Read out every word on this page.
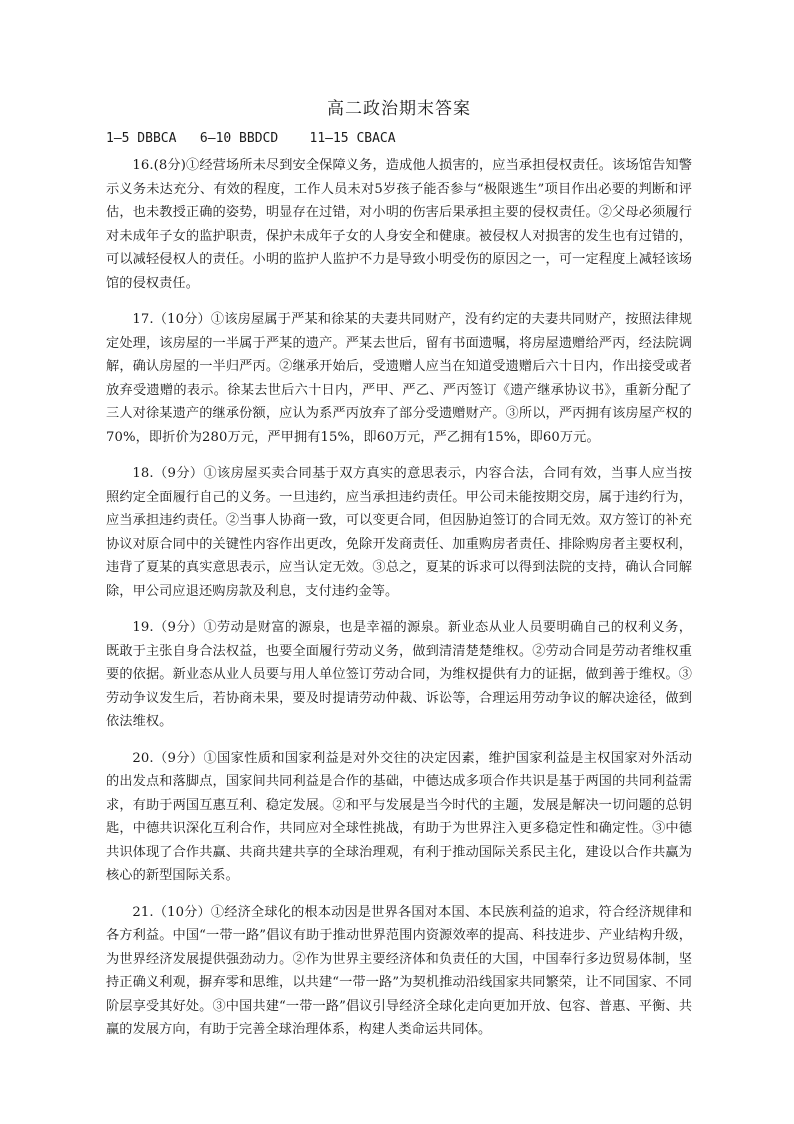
高二政治期末答案
1—5 DBBCA   6—10 BBDCD    11—15 CBACA

16.(8分)①经营场所未尽到安全保障义务，造成他人损害的，应当承担侵权责任。该场馆告知警示义务未达充分、有效的程度，工作人员未对5岁孩子能否参与“极限逃生”项目作出必要的判断和评估，也未教授正确的姿势，明显存在过错，对小明的伤害后果承担主要的侵权责任。②父母必须履行对未成年子女的监护职责，保护未成年子女的人身安全和健康。被侵权人对损害的发生也有过错的，可以减轻侵权人的责任。小明的监护人监护不力是导致小明受伤的原因之一，可一定程度上减轻该场馆的侵权责任。

17.（10分）①该房屋属于严某和徐某的夫妻共同财产，没有约定的夫妻共同财产，按照法律规定处理，该房屋的一半属于严某的遗产。严某去世后，留有书面遗嘱，将房屋遗赠给严丙，经法院调解，确认房屋的一半归严丙。②继承开始后，受遗赠人应当在知道受遗赠后六十日内，作出接受或者放弃受遗赠的表示。徐某去世后六十日内，严甲、严乙、严丙签订《遗产继承协议书》，重新分配了三人对徐某遗产的继承份额，应认为系严丙放弃了部分受遗赠财产。③所以，严丙拥有该房屋产权的70%，即折价为280万元，严甲拥有15%，即60万元，严乙拥有15%，即60万元。

18.（9分）①该房屋买卖合同基于双方真实的意思表示，内容合法，合同有效，当事人应当按照约定全面履行自己的义务。一旦违约，应当承担违约责任。甲公司未能按期交房，属于违约行为，应当承担违约责任。②当事人协商一致，可以变更合同，但因胁迫签订的合同无效。双方签订的补充协议对原合同中的关键性内容作出更改，免除开发商责任、加重购房者责任、排除购房者主要权利，违背了夏某的真实意思表示，应当认定无效。③总之，夏某的诉求可以得到法院的支持，确认合同解除，甲公司应退还购房款及利息，支付违约金等。

19.（9分）①劳动是财富的源泉，也是幸福的源泉。新业态从业人员要明确自己的权利义务，既敢于主张自身合法权益，也要全面履行劳动义务，做到清清楚楚维权。②劳动合同是劳动者维权重要的依据。新业态从业人员要与用人单位签订劳动合同，为维权提供有力的证据，做到善于维权。③劳动争议发生后，若协商未果，要及时提请劳动仲裁、诉讼等，合理运用劳动争议的解决途径，做到依法维权。

20.（9分）①国家性质和国家利益是对外交往的决定因素，维护国家利益是主权国家对外活动的出发点和落脚点，国家间共同利益是合作的基础，中德达成多项合作共识是基于两国的共同利益需求，有助于两国互惠互利、稳定发展。②和平与发展是当今时代的主题，发展是解决一切问题的总钥匙，中德共识深化互利合作，共同应对全球性挑战，有助于为世界注入更多稳定性和确定性。③中德共识体现了合作共赢、共商共建共享的全球治理观，有利于推动国际关系民主化，建设以合作共赢为核心的新型国际关系。

21.（10分）①经济全球化的根本动因是世界各国对本国、本民族利益的追求，符合经济规律和各方利益。中国“一带一路”倡议有助于推动世界范围内资源效率的提高、科技进步、产业结构升级，为世界经济发展提供强劲动力。②作为世界主要经济体和负责任的大国，中国奉行多边贸易体制，坚持正确义利观，摒弃零和思维，以共建“一带一路”为契机推动沿线国家共同繁荣，让不同国家、不同阶层享受其好处。③中国共建“一带一路”倡议引导经济全球化走向更加开放、包容、普惠、平衡、共赢的发展方向，有助于完善全球治理体系，构建人类命运共同体。
